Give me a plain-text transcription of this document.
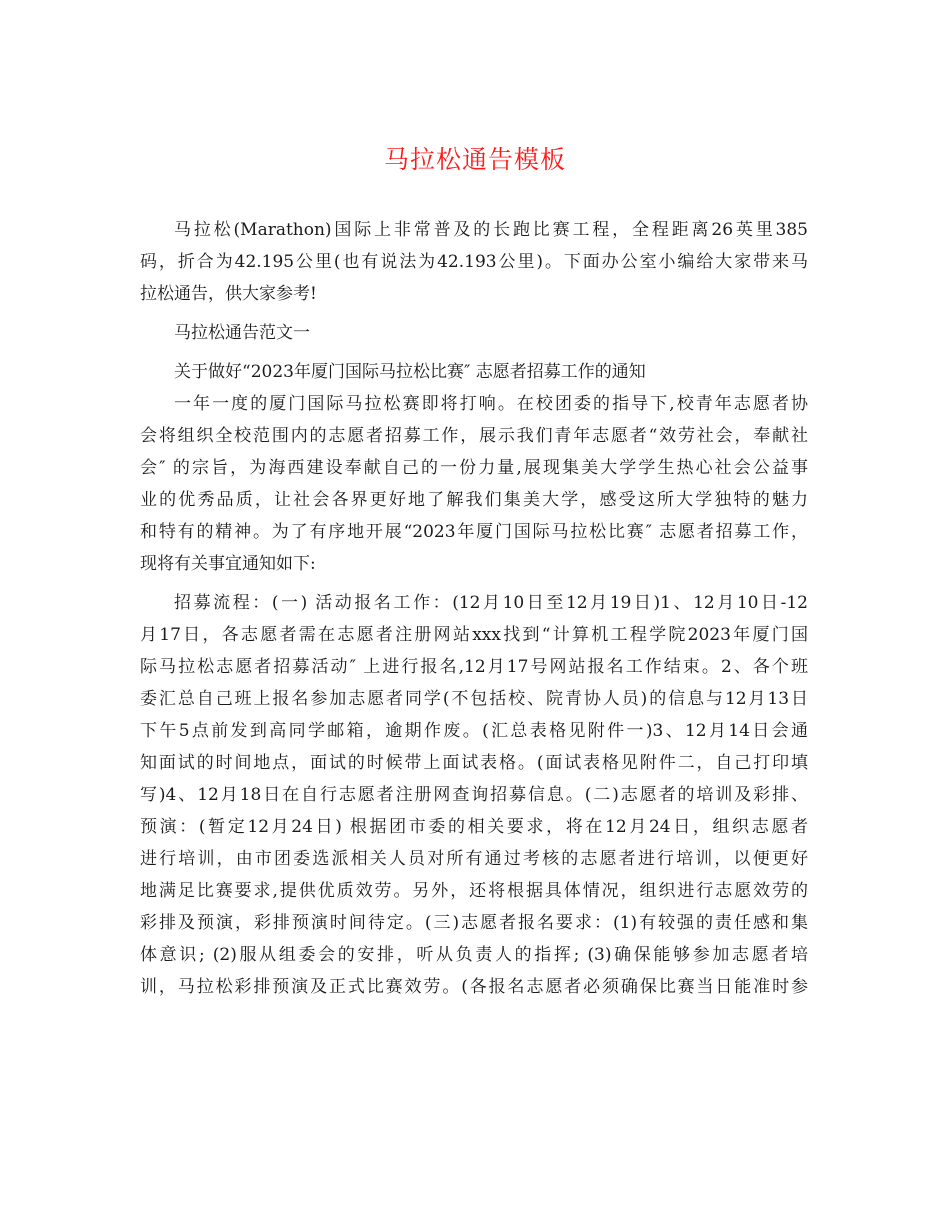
马拉松通告模板
马拉松(Marathon)国际上非常普及的长跑比赛工程，全程距离26英里385
码，折合为42.195公里(也有说法为42.193公里)。下面办公室小编给大家带来马
拉松通告，供大家参考!
马拉松通告范文一
关于做好“2023年厦门国际马拉松比赛″ 志愿者招募工作的通知
一年一度的厦门国际马拉松赛即将打响。在校团委的指导下,校青年志愿者协
会将组织全校范围内的志愿者招募工作，展示我们青年志愿者“效劳社会，奉献社
会″ 的宗旨，为海西建设奉献自己的一份力量,展现集美大学学生热心社会公益事
业的优秀品质，让社会各界更好地了解我们集美大学，感受这所大学独特的魅力
和特有的精神。为了有序地开展“2023年厦门国际马拉松比赛″ 志愿者招募工作，
现将有关事宜通知如下:
招募流程：(一) 活动报名工作：(12月10日至12月19日)1、12月10日-12
月17日，各志愿者需在志愿者注册网站xxx找到“计算机工程学院2023年厦门国
际马拉松志愿者招募活动″ 上进行报名,12月17号网站报名工作结束。2、各个班
委汇总自己班上报名参加志愿者同学(不包括校、院青协人员)的信息与12月13日
下午5点前发到高同学邮箱，逾期作废。(汇总表格见附件一)3、12月14日会通
知面试的时间地点，面试的时候带上面试表格。(面试表格见附件二，自己打印填
写)4、12月18日在自行志愿者注册网查询招募信息。(二)志愿者的培训及彩排、
预演：(暂定12月24日) 根据团市委的相关要求，将在12月24日，组织志愿者
进行培训，由市团委选派相关人员对所有通过考核的志愿者进行培训，以便更好
地满足比赛要求,提供优质效劳。另外，还将根据具体情况，组织进行志愿效劳的
彩排及预演，彩排预演时间待定。(三)志愿者报名要求：(1)有较强的责任感和集
体意识; (2)服从组委会的安排，听从负责人的指挥; (3)确保能够参加志愿者培
训，马拉松彩排预演及正式比赛效劳。(各报名志愿者必须确保比赛当日能准时参
